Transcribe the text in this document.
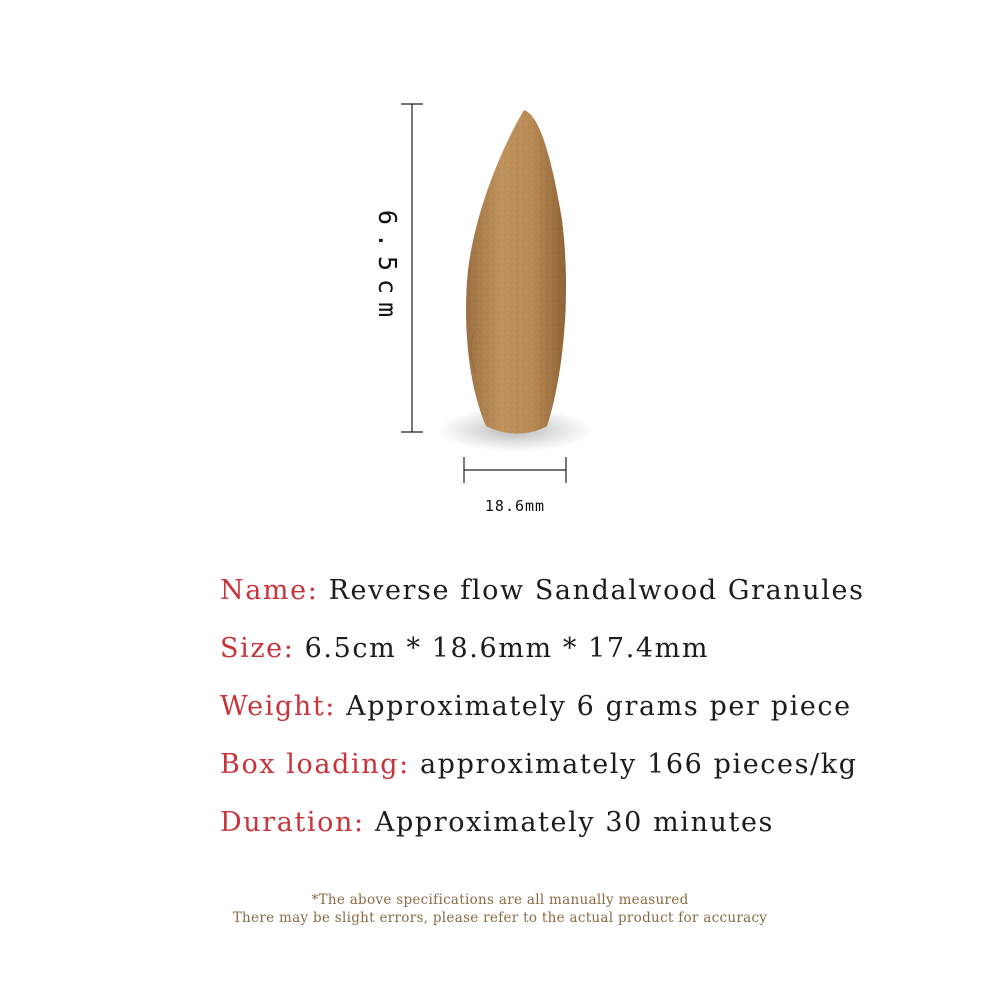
6.5cm
18.6mm
Name: Reverse flow Sandalwood Granules
Size: 6.5cm * 18.6mm * 17.4mm
Weight: Approximately 6 grams per piece
Box loading: approximately 166 pieces/kg
Duration: Approximately 30 minutes
*The above specifications are all manually measured
There may be slight errors, please refer to the actual product for accuracy
